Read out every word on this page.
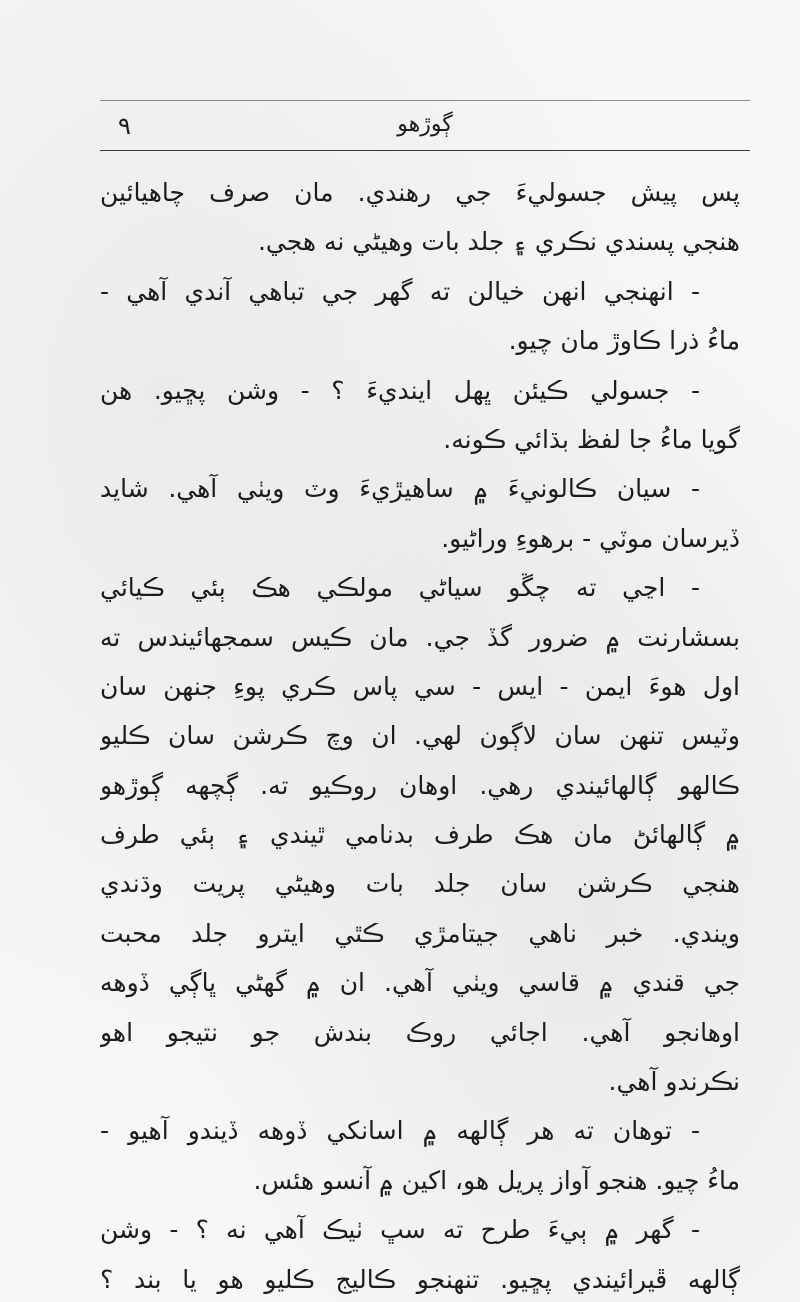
ڳوڙهو
٩
پس پيش جسوليءَ جي رهندي. مان صرف چاهيائين
هنجي پسندي نڪري ۽ جلد بات وهيڻي نه هجي.
- انهنجي انهن خيالن ته گهر جي تباهي آندي آهي -
ماءُ ذرا ڪاوڙ مان چيو.
- جسولي ڪيئن ڀهل اينديءَ ؟ - وشن پڇيو. هن
گويا ماءُ جا لفظ بڌائي ڪونه.
- سيان ڪالونيءَ ۾ ساهيڙيءَ وٽ ويٺي آهي. شايد
ڏيرسان موٽي - برهوءِ وراڻيو.
- اڃي ته چڱو سياڻي مولڪي هڪ ٻئي ڪيائي
بسشارنت ۾ ضرور گڏ جي. مان ڪيس سمجهائيندس ته
اول هوءَ ايمن - ايس - سي پاس ڪري پوءِ جنهن سان
وٽيس تنهن سان لاڳون لهي. ان وچ ڪرشن سان ڪليو
ڪالهو ڳالهائيندي رهي. اوهان روڪيو ته. ڳچھه ڳوڙهو
۾ ڳالهائڻ مان هڪ طرف بدنامي ٿيندي ۽ ٻئي طرف
هنجي ڪرشن سان جلد بات وهيڻي پريت وڌندي
ويندي. خبر ناهي جيتامڙي ڪٿي ايترو جلد محبت
جي قندي ۾ قاسي ويٺي آهي. ان ۾ گهڻي ڀاڳي ڏوهه
اوهانجو آهي. اجائي روڪ بندش جو نتيجو اهو
نڪرندو آهي.
- توهان ته هر ڳالهه ۾ اسانکي ڏوهه ڏيندو آهيو -
ماءُ چيو. هنجو آواز پريل هو، اکين ۾ آنسو هئس.
- گهر ۾ ٻيءَ طرح ته سڀ ٺيڪ آهي نه ؟ - وشن
ڳالهه ڦيرائيندي پڇيو. تنهنجو ڪاليج ڪليو هو يا بند ؟
